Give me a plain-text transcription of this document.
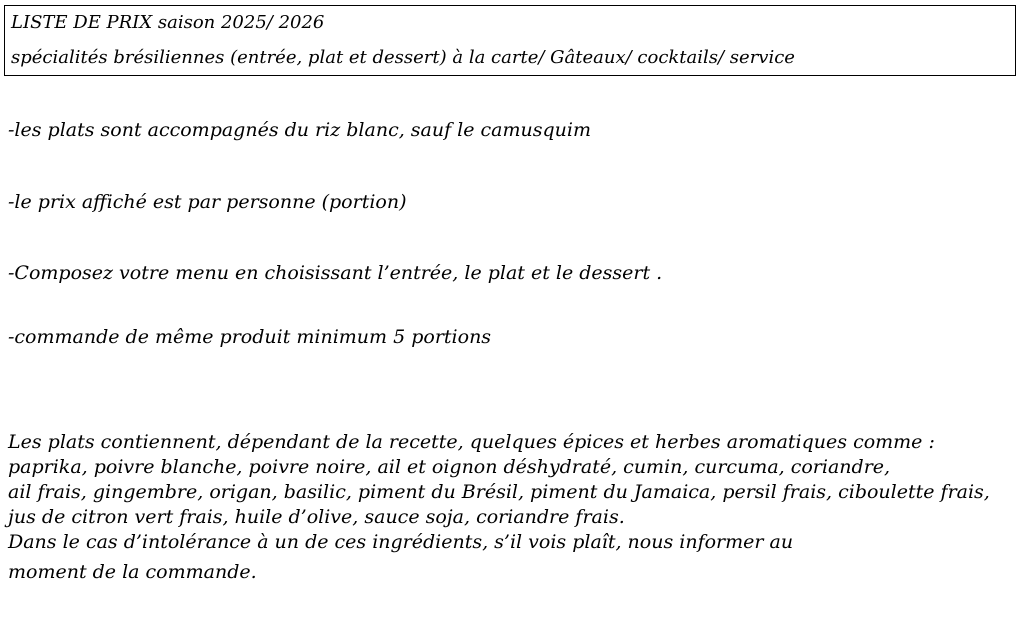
LISTE DE PRIX saison 2025/ 2026
spécialités brésiliennes (entrée, plat et dessert) à la carte/ Gâteaux/ cocktails/ service
-les plats sont accompagnés du riz blanc, sauf le camusquim
-le prix affiché est par personne (portion)
-Composez votre menu en choisissant l’entrée, le plat et le dessert .
-commande de même produit minimum 5 portions
Les plats contiennent, dépendant de la recette, quelques épices et herbes aromatiques comme :
paprika, poivre blanche, poivre noire, ail et oignon déshydraté, cumin, curcuma, coriandre,
ail frais, gingembre, origan, basilic, piment du Brésil, piment du Jamaica, persil frais, ciboulette frais,
jus de citron vert frais, huile d’olive, sauce soja, coriandre frais.
Dans le cas d’intolérance à un de ces ingrédients, s’il vois plaît, nous informer au
moment de la commande.
